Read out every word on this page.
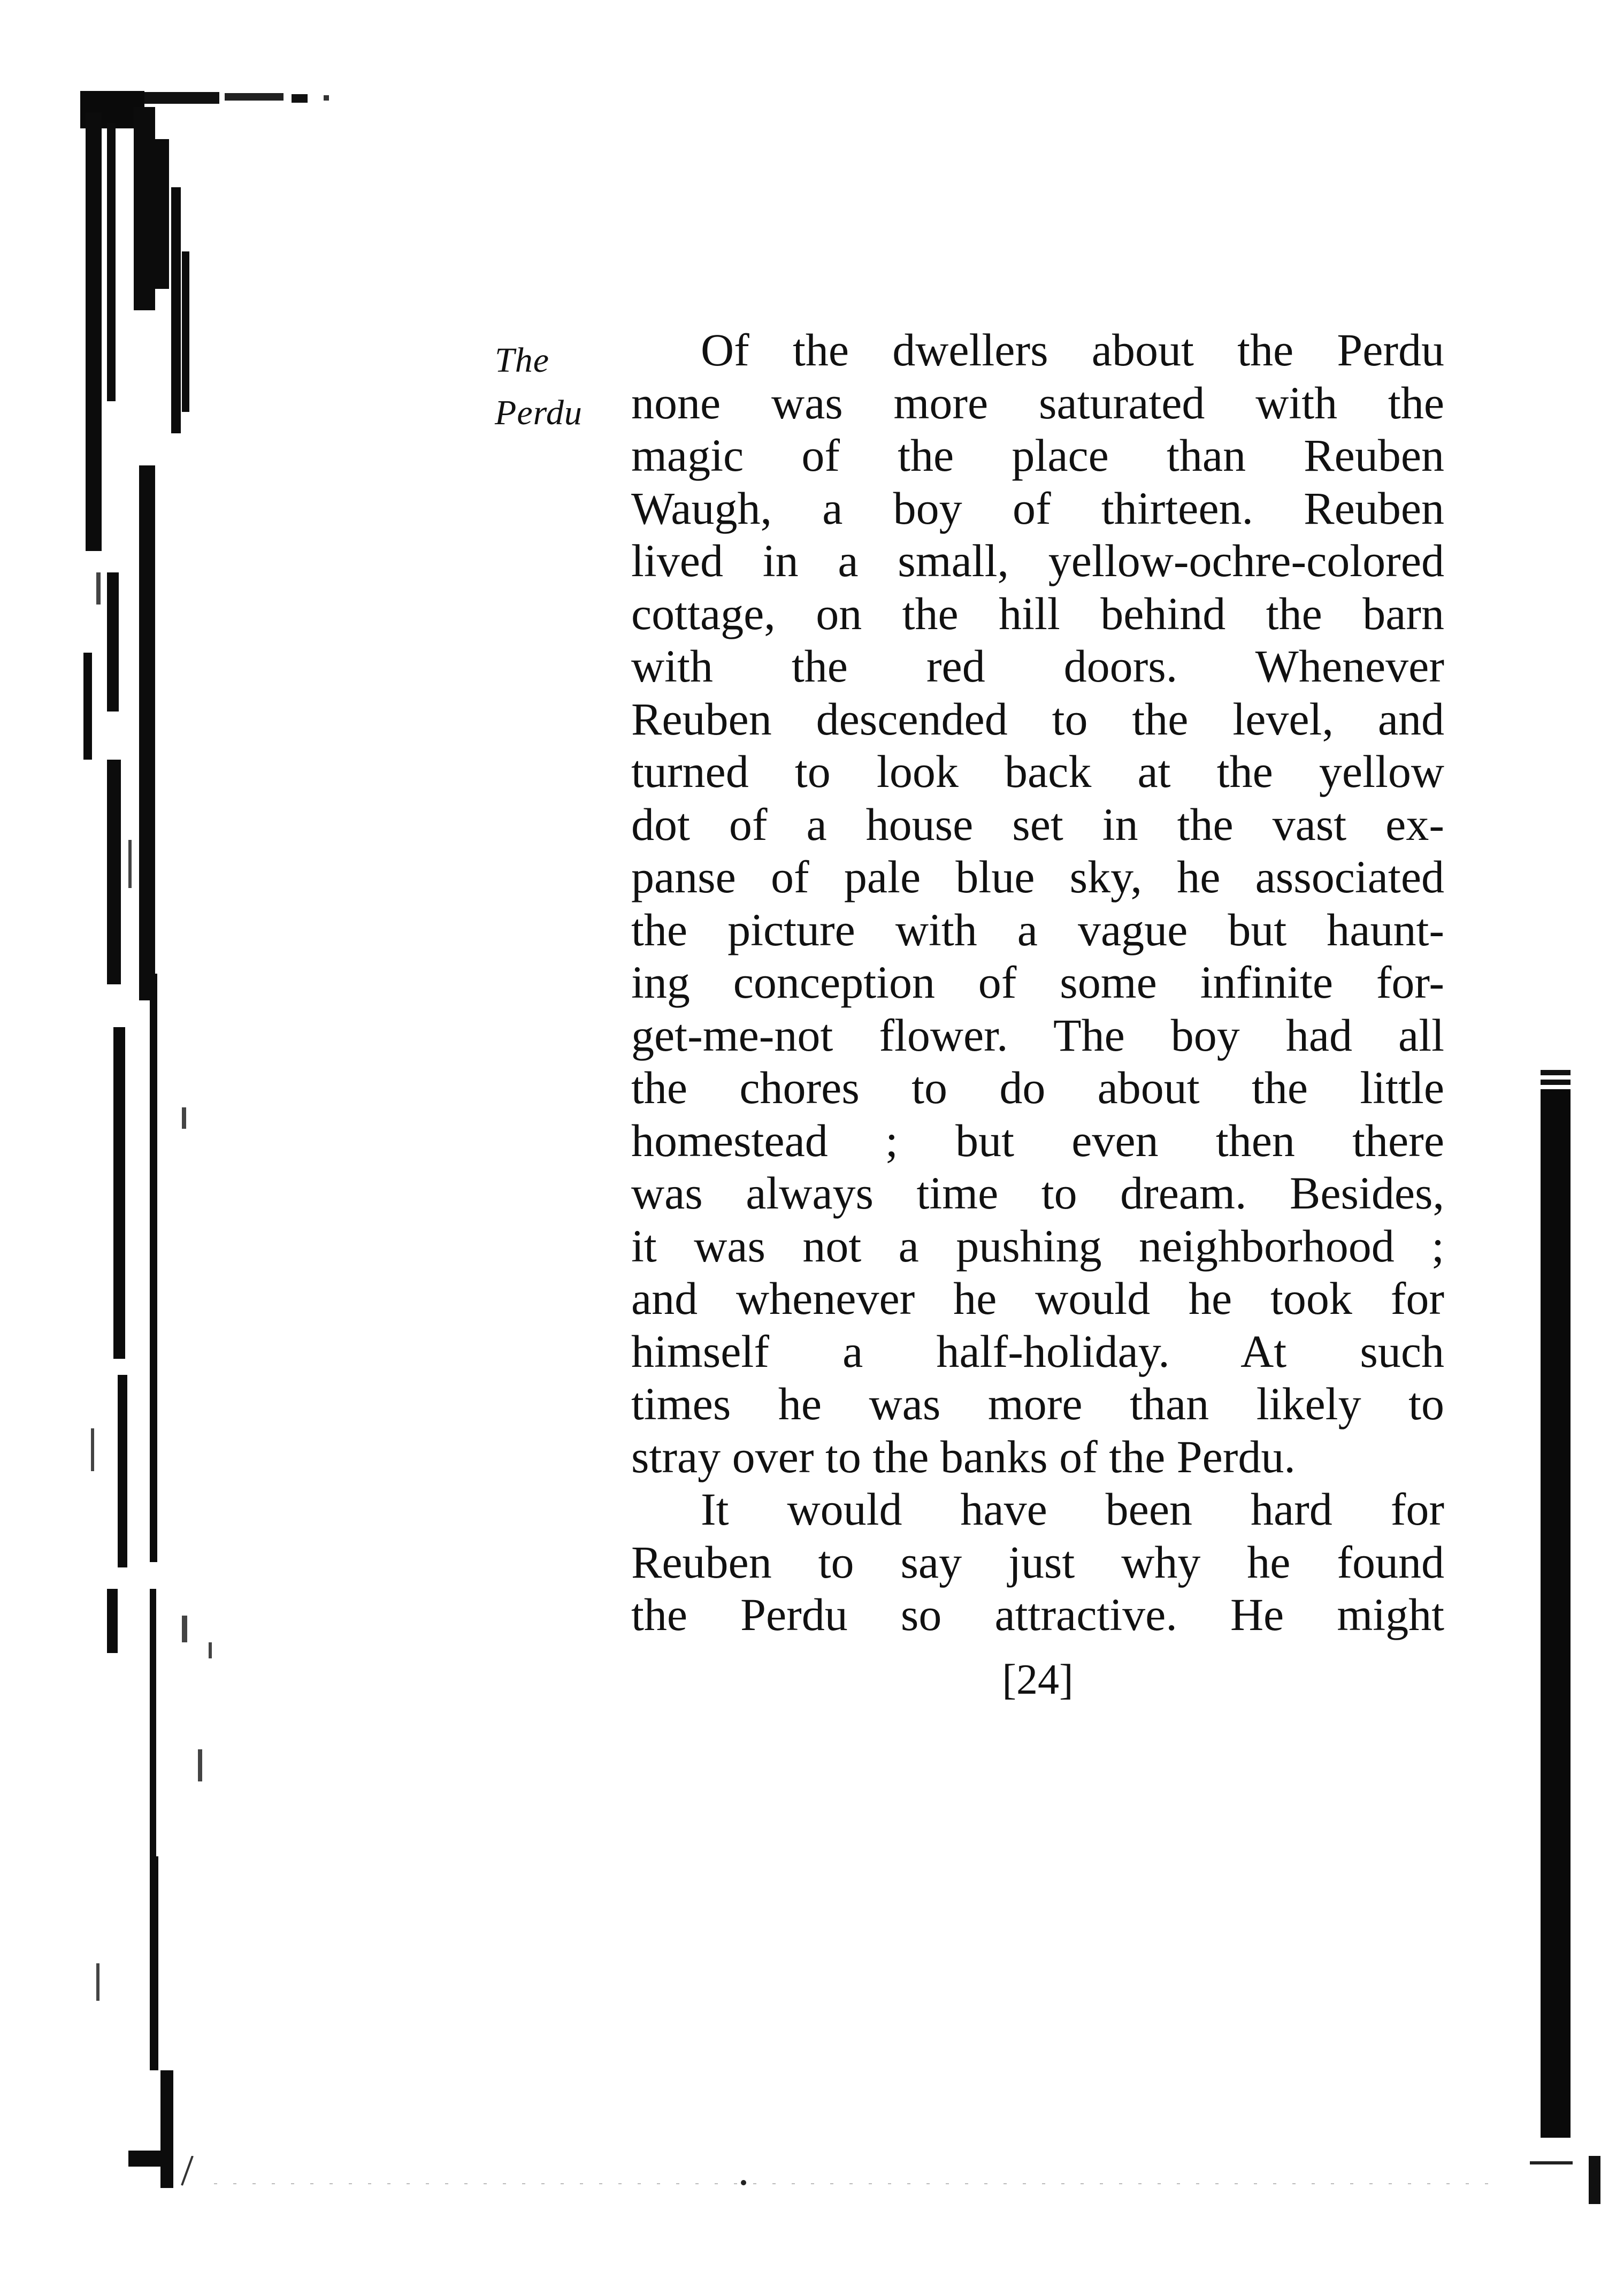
The
Perdu
Of the dwellers about the Perdu
none was more saturated with the
magic of the place than Reuben
Waugh, a boy of thirteen. Reuben
lived in a small, yellow-ochre-colored
cottage, on the hill behind the barn
with the red doors. Whenever
Reuben descended to the level, and
turned to look back at the yellow
dot of a house set in the vast ex-
panse of pale blue sky, he associated
the picture with a vague but haunt-
ing conception of some infinite for-
get-me-not flower. The boy had all
the chores to do about the little
homestead ; but even then there
was always time to dream. Besides,
it was not a pushing neighborhood ;
and whenever he would he took for
himself a half-holiday. At such
times he was more than likely to
stray over to the banks of the Perdu.
It would have been hard for
Reuben to say just why he found
the Perdu so attractive. He might
[24]
